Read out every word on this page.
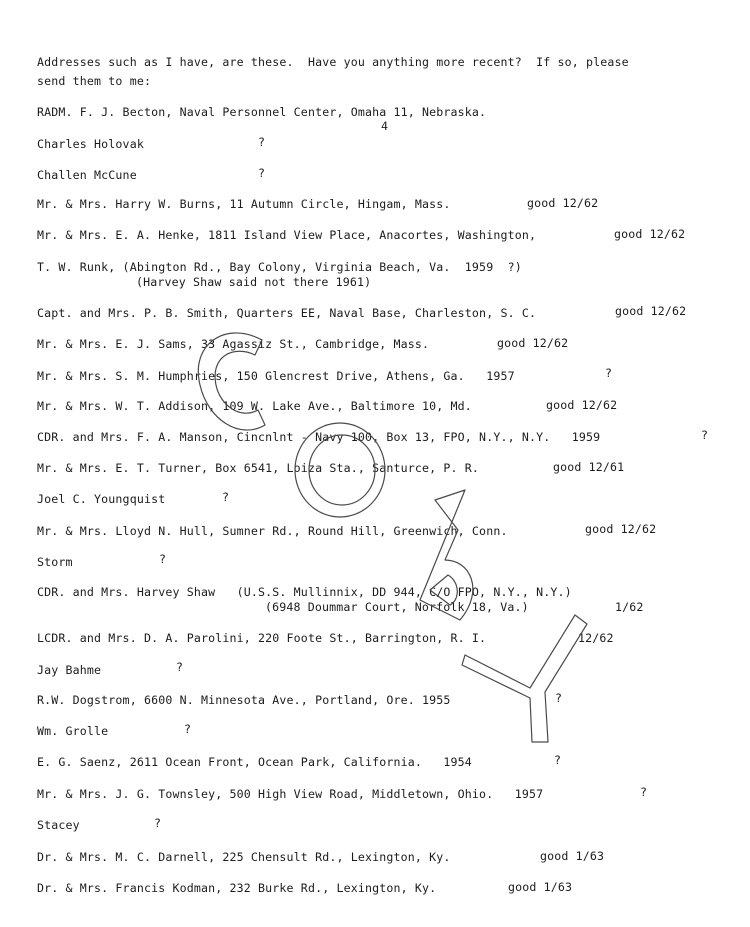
Addresses such as I have, are these.  Have you anything more recent?  If so, please
send them to me:
RADM. F. J. Becton, Naval Personnel Center, Omaha 11, Nebraska.
4
Charles Holovak	?
Challen McCune	?
Mr. & Mrs. Harry W. Burns, 11 Autumn Circle, Hingam, Mass.	good 12/62
Mr. & Mrs. E. A. Henke, 1811 Island View Place, Anacortes, Washington,	good 12/62
T. W. Runk, (Abington Rd., Bay Colony, Virginia Beach, Va.  1959  ?)
(Harvey Shaw said not there 1961)
Capt. and Mrs. P. B. Smith, Quarters EE, Naval Base, Charleston, S. C.	good 12/62
Mr. & Mrs. E. J. Sams, 33 Agassiz St., Cambridge, Mass.	good 12/62
Mr. & Mrs. S. M. Humphries, 150 Glencrest Drive, Athens, Ga.   1957	?
Mr. & Mrs. W. T. Addison, 109 W. Lake Ave., Baltimore 10, Md.	good 12/62
CDR. and Mrs. F. A. Manson, Cincnlnt - Navy 100, Box 13, FPO, N.Y., N.Y.   1959	?
Mr. & Mrs. E. T. Turner, Box 6541, Loiza Sta., Santurce, P. R.	good 12/61
Joel C. Youngquist	?
Mr. & Mrs. Lloyd N. Hull, Sumner Rd., Round Hill, Greenwich, Conn.	good 12/62
Storm	?
CDR. and Mrs. Harvey Shaw   (U.S.S. Mullinnix, DD 944, C/O FPO, N.Y., N.Y.)
(6948 Doummar Court, Norfolk 18, Va.)	1/62
LCDR. and Mrs. D. A. Parolini, 220 Foote St., Barrington, R. I.	12/62
Jay Bahme	?
R.W. Dogstrom, 6600 N. Minnesota Ave., Portland, Ore. 1955	?
Wm. Grolle	?
E. G. Saenz, 2611 Ocean Front, Ocean Park, California.   1954	?
Mr. & Mrs. J. G. Townsley, 500 High View Road, Middletown, Ohio.   1957	?
Stacey	?
Dr. & Mrs. M. C. Darnell, 225 Chensult Rd., Lexington, Ky.	good 1/63
Dr. & Mrs. Francis Kodman, 232 Burke Rd., Lexington, Ky.	good 1/63
